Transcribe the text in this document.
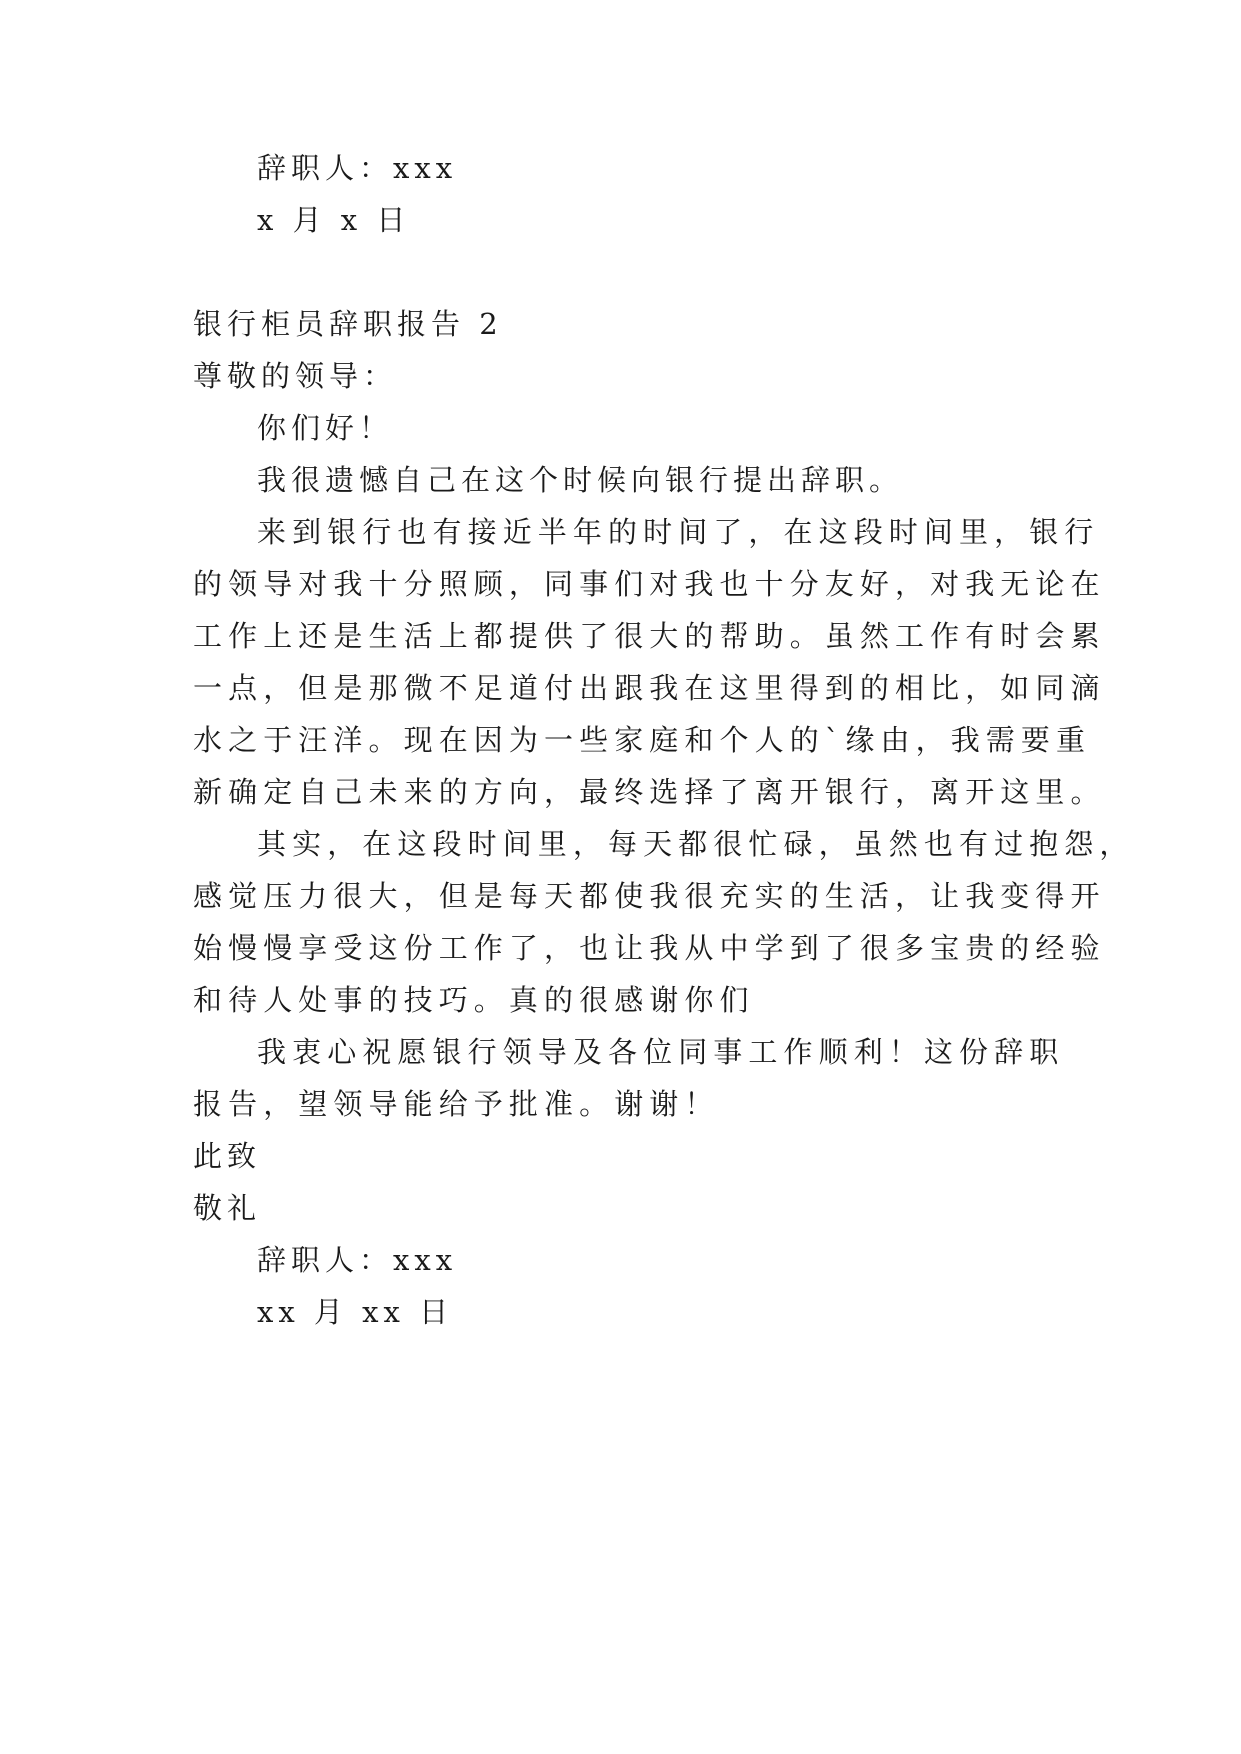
辞职人：xxx
x 月 x 日
银行柜员辞职报告 2
尊敬的领导：
你们好！
我很遗憾自己在这个时候向银行提出辞职。
来到银行也有接近半年的时间了，在这段时间里，银行
的领导对我十分照顾，同事们对我也十分友好，对我无论在
工作上还是生活上都提供了很大的帮助。虽然工作有时会累
一点，但是那微不足道付出跟我在这里得到的相比，如同滴
水之于汪洋。现在因为一些家庭和个人的`缘由，我需要重
新确定自己未来的方向，最终选择了离开银行，离开这里。
其实，在这段时间里，每天都很忙碌，虽然也有过抱怨，
感觉压力很大，但是每天都使我很充实的生活，让我变得开
始慢慢享受这份工作了，也让我从中学到了很多宝贵的经验
和待人处事的技巧。真的很感谢你们
我衷心祝愿银行领导及各位同事工作顺利！这份辞职
报告，望领导能给予批准。谢谢！
此致
敬礼
辞职人：xxx
xx 月 xx 日
